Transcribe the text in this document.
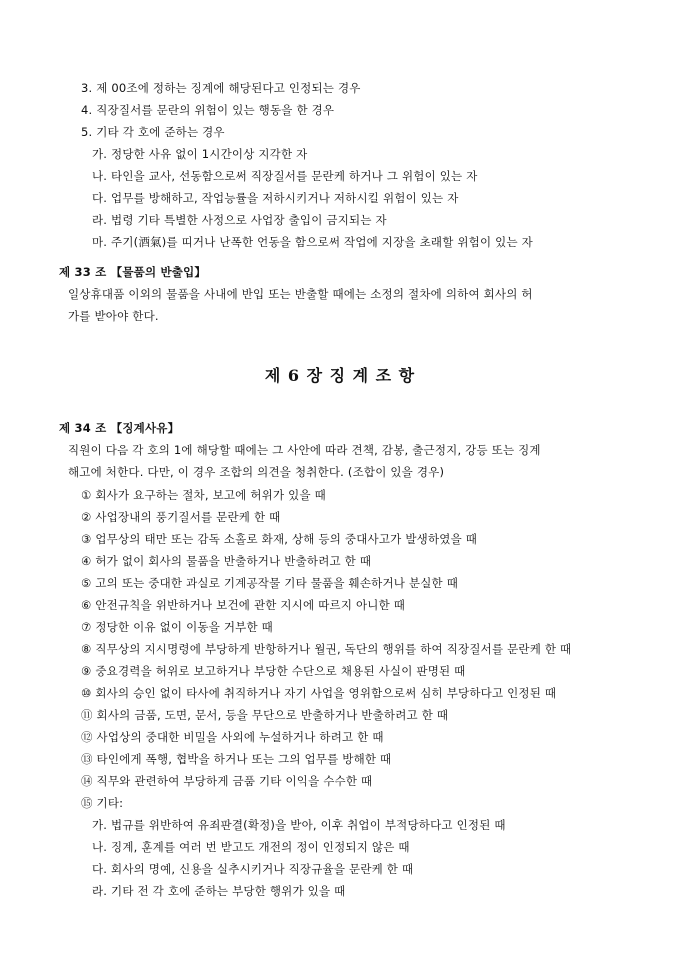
3. 제 00조에 정하는 징계에 해당된다고 인정되는 경우
4. 직장질서를 문란의 위험이 있는 행동을 한 경우
5. 기타 각 호에 준하는 경우
가. 정당한 사유 없이 1시간이상 지각한 자
나. 타인을 교사, 선동함으로써 직장질서를 문란케 하거나 그 위험이 있는 자
다. 업무를 방해하고, 작업능률을 저하시키거나 저하시킬 위험이 있는 자
라. 법령 기타 특별한 사정으로 사업장 출입이 금지되는 자
마. 주기(酒氣)를 띠거나 난폭한 언동을 함으로써 작업에 지장을 초래할 위험이 있는 자
제 33 조 【물품의 반출입】
일상휴대품 이외의 물품을 사내에 반입 또는 반출할 때에는 소정의 절차에 의하여 회사의 허
가를 받아야 한다.
제 6 장 징 계 조 항
제 34 조 【징계사유】
직원이 다음 각 호의 1에 해당할 때에는 그 사안에 따라 견책, 감봉, 출근정지, 강등 또는 징계
해고에 처한다. 다만, 이 경우 조합의 의견을 청취한다. (조합이 있을 경우)
① 회사가 요구하는 절차, 보고에 허위가 있을 때
② 사업장내의 풍기질서를 문란케 한 때
③ 업무상의 태만 또는 감독 소홀로 화재, 상해 등의 중대사고가 발생하였을 때
④ 허가 없이 회사의 물품을 반출하거나 반출하려고 한 때
⑤ 고의 또는 중대한 과실로 기계공작물 기타 물품을 훼손하거나 분실한 때
⑥ 안전규칙을 위반하거나 보건에 관한 지시에 따르지 아니한 때
⑦ 정당한 이유 없이 이동을 거부한 때
⑧ 직무상의 지시명령에 부당하게 반항하거나 월권, 독단의 행위를 하여 직장질서를 문란케 한 때
⑨ 중요경력을 허위로 보고하거나 부당한 수단으로 채용된 사실이 판명된 때
⑩ 회사의 승인 없이 타사에 취직하거나 자기 사업을 영위함으로써 심히 부당하다고 인정된 때
⑪ 회사의 금품, 도면, 문서, 등을 무단으로 반출하거나 반출하려고 한 때
⑫ 사업상의 중대한 비밀을 사외에 누설하거나 하려고 한 때
⑬ 타인에게 폭행, 협박을 하거나 또는 그의 업무를 방해한 때
⑭ 직무와 관련하여 부당하게 금품 기타 이익을 수수한 때
⑮ 기타:
가. 법규를 위반하여 유죄판결(확정)을 받아, 이후 취업이 부적당하다고 인정된 때
나. 징계, 훈계를 여러 번 받고도 개전의 정이 인정되지 않은 때
다. 회사의 명예, 신용을 실추시키거나 직장규율을 문란케 한 때
라. 기타 전 각 호에 준하는 부당한 행위가 있을 때
